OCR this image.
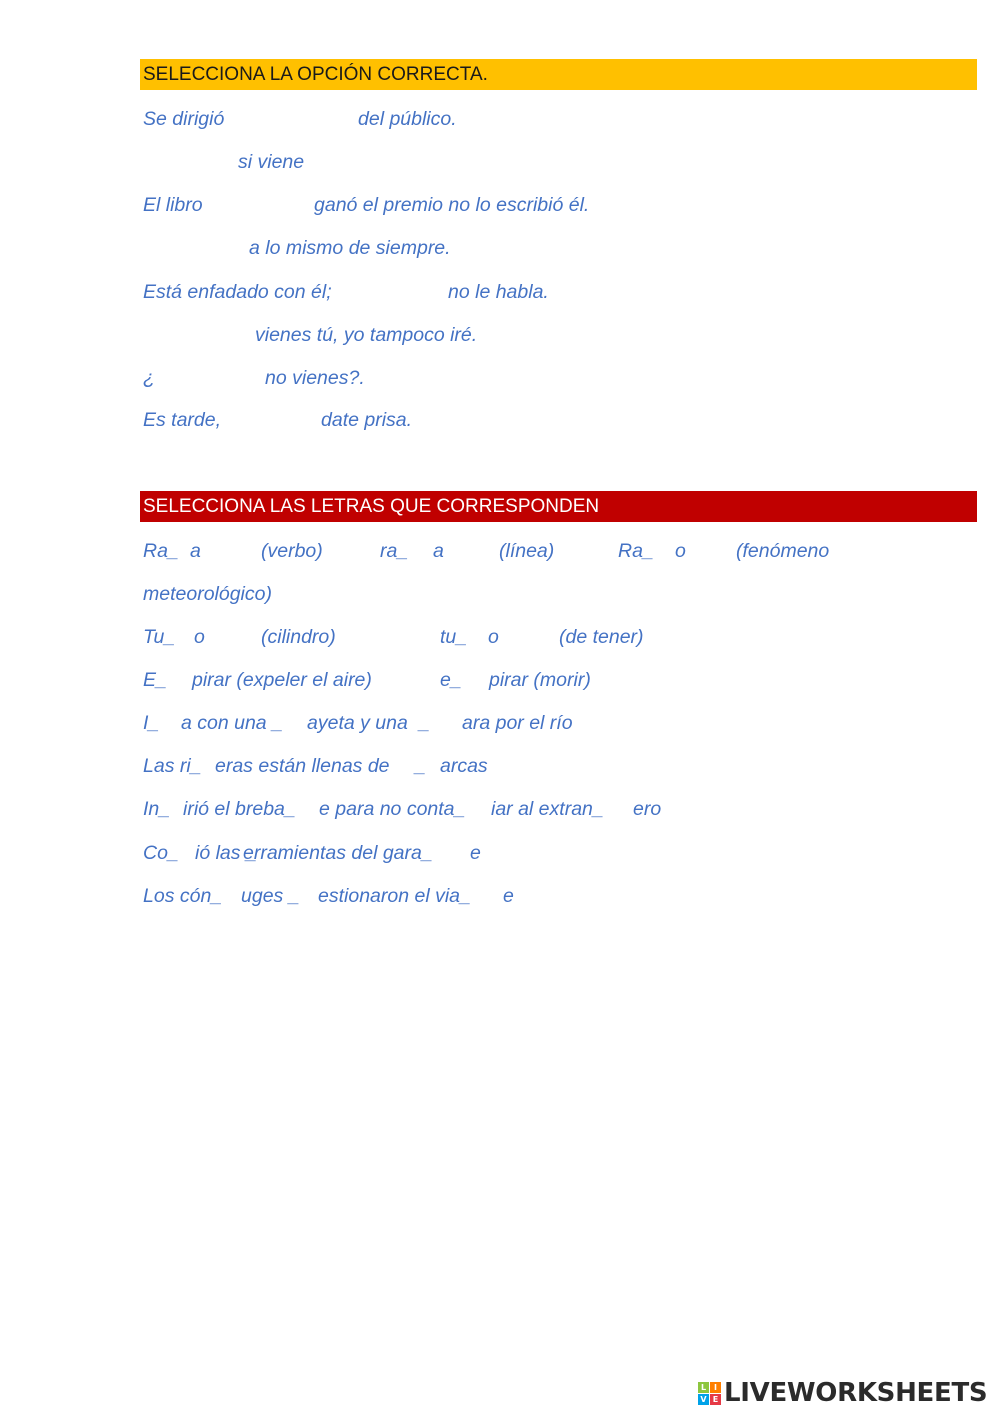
SELECCIONA LA OPCIÓN CORRECTA.
Se dirigió	del público.
si viene
El libro	ganó el premio no lo escribió él.
a lo mismo de siempre.
Está enfadado con él;	no le habla.
vienes tú, yo tampoco iré.
¿	no vienes?.
Es tarde,	date prisa.
SELECCIONA LAS LETRAS QUE CORRESPONDEN
Ra_ a	(verbo)	ra_ a	(línea)	Ra_ o	(fenómeno
meteorológico)
Tu_ o	(cilindro)	tu_ o	(de tener)
E_ pirar (expeler el aire)	e_ pirar (morir)
I_ a con una _ ayeta y una _ ara por el río
Las ri_ eras están llenas de _ arcas
In_ irió el breba_ e para no conta_ iar al extran_ ero
Co_ ió las _
erramientas del gara_ e
Los cón_ uges _ estionaron el via_ e
L I
V E LIVEWORKSHEETS
